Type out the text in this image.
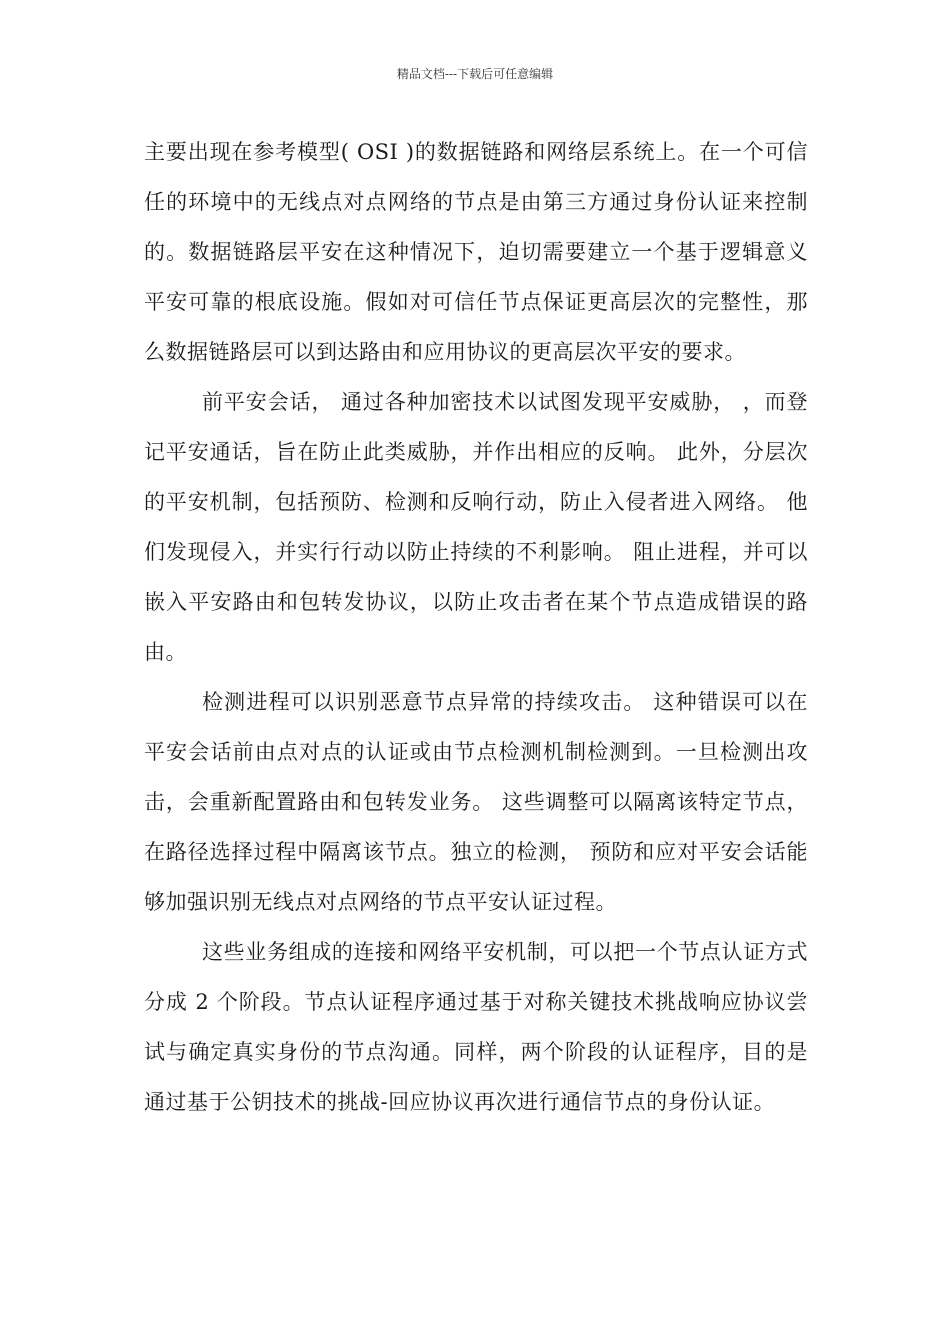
精品文档---下载后可任意编辑

主要出现在参考模型( OSI )的数据链路和网络层系统上。在一个可信任的环境中的无线点对点网络的节点是由第三方通过身份认证来控制的。数据链路层平安在这种情况下，迫切需要建立一个基于逻辑意义平安可靠的根底设施。假如对可信任节点保证更高层次的完整性，那么数据链路层可以到达路由和应用协议的更高层次平安的要求。

前平安会话， 通过各种加密技术以试图发现平安威胁， ，而登记平安通话，旨在防止此类威胁，并作出相应的反响。 此外，分层次的平安机制，包括预防、检测和反响行动，防止入侵者进入网络。 他们发现侵入，并实行行动以防止持续的不利影响。 阻止进程，并可以嵌入平安路由和包转发协议，以防止攻击者在某个节点造成错误的路由。

检测进程可以识别恶意节点异常的持续攻击。 这种错误可以在平安会话前由点对点的认证或由节点检测机制检测到。一旦检测出攻击，会重新配置路由和包转发业务。 这些调整可以隔离该特定节点，在路径选择过程中隔离该节点。独立的检测， 预防和应对平安会话能够加强识别无线点对点网络的节点平安认证过程。

这些业务组成的连接和网络平安机制，可以把一个节点认证方式分成 2 个阶段。节点认证程序通过基于对称关键技术挑战响应协议尝试与确定真实身份的节点沟通。同样，两个阶段的认证程序，目的是通过基于公钥技术的挑战-回应协议再次进行通信节点的身份认证。
